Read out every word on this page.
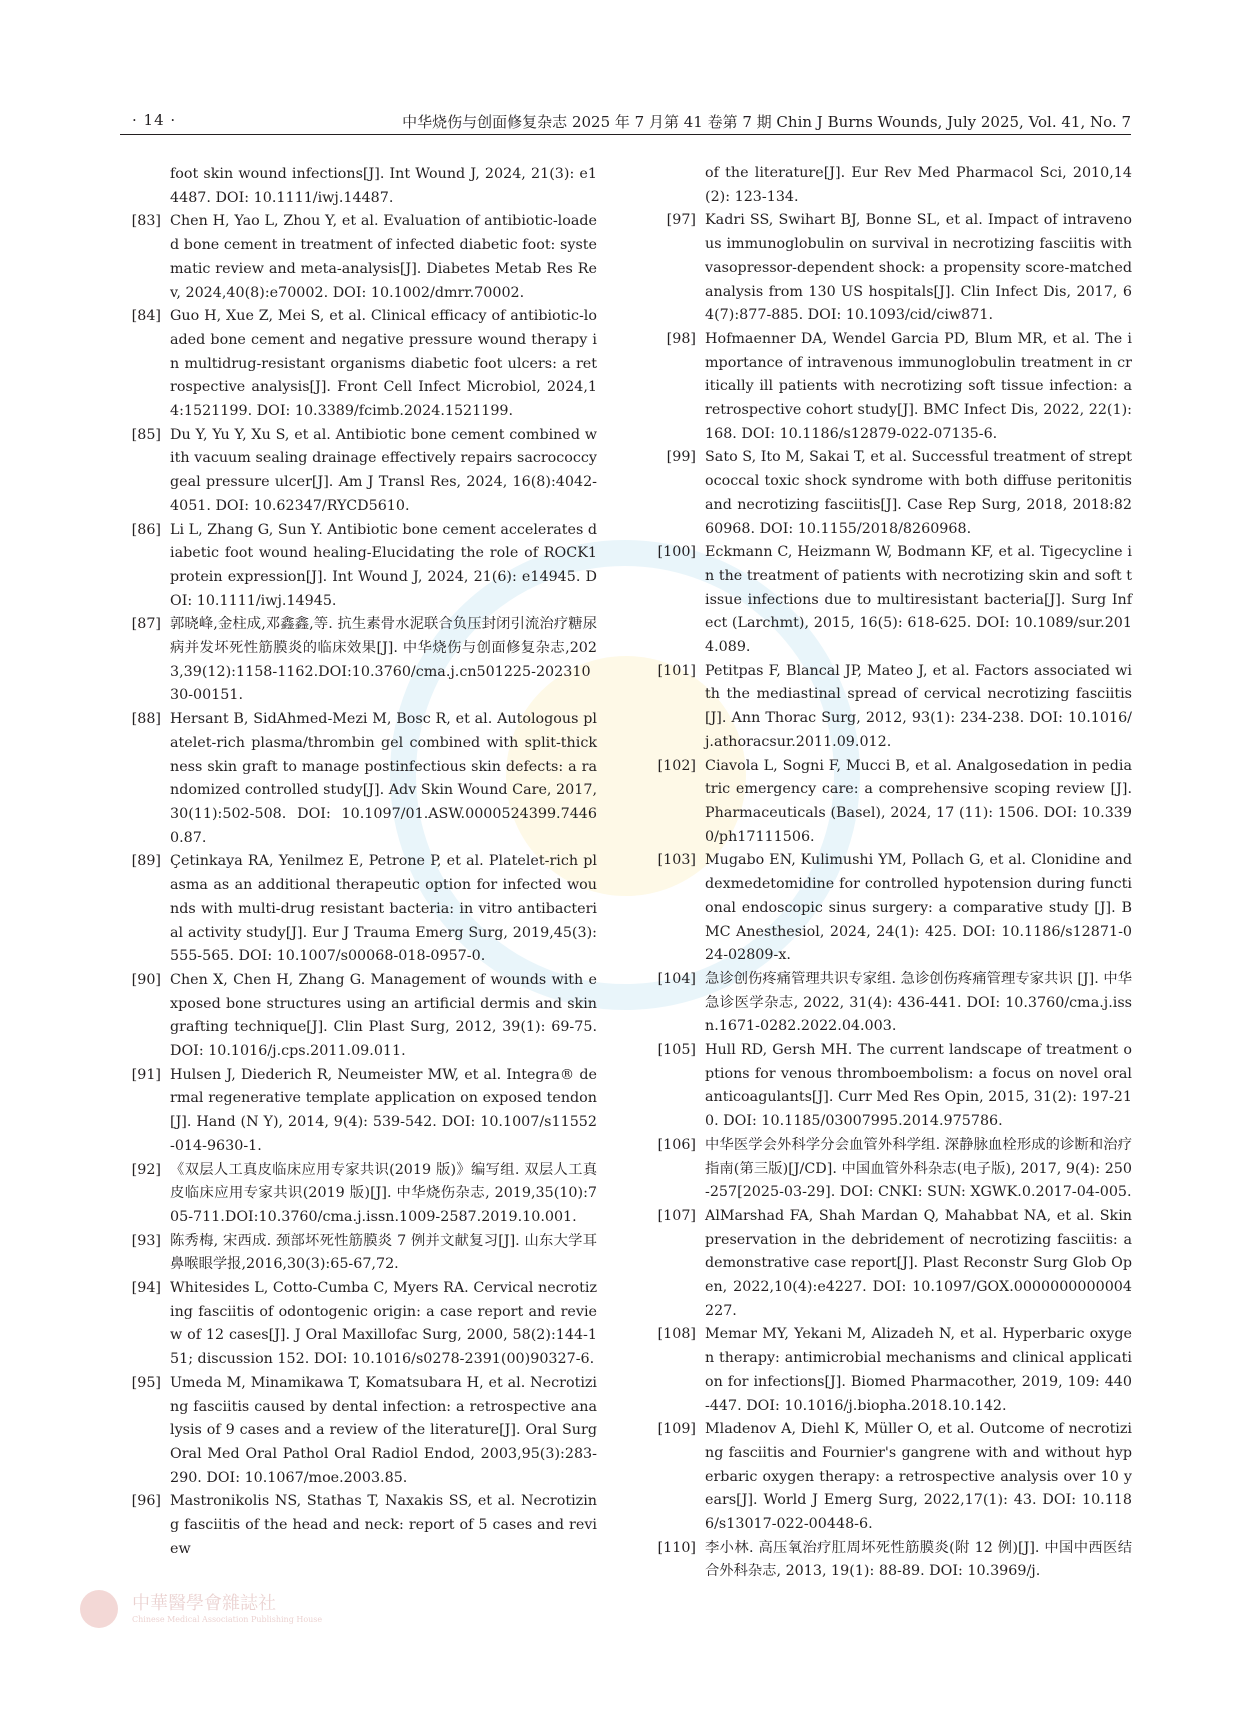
· 14 ·	中华烧伤与创面修复杂志 2025 年 7 月第 41 卷第 7 期 Chin J Burns Wounds, July 2025, Vol. 41, No. 7
foot skin wound infections[J]. Int Wound J, 2024, 21(3): e14487. DOI: 10.1111/iwj.14487.
[83] Chen H, Yao L, Zhou Y, et al. Evaluation of antibiotic-loaded bone cement in treatment of infected diabetic foot: systematic review and meta-analysis[J]. Diabetes Metab Res Rev, 2024,40(8):e70002. DOI: 10.1002/dmrr.70002.
[84] Guo H, Xue Z, Mei S, et al. Clinical efficacy of antibiotic-loaded bone cement and negative pressure wound therapy in multidrug-resistant organisms diabetic foot ulcers: a retrospective analysis[J]. Front Cell Infect Microbiol, 2024,14:1521199. DOI: 10.3389/fcimb.2024.1521199.
[85] Du Y, Yu Y, Xu S, et al. Antibiotic bone cement combined with vacuum sealing drainage effectively repairs sacrococcygeal pressure ulcer[J]. Am J Transl Res, 2024, 16(8):4042-4051. DOI: 10.62347/RYCD5610.
[86] Li L, Zhang G, Sun Y. Antibiotic bone cement accelerates diabetic foot wound healing-Elucidating the role of ROCK1 protein expression[J]. Int Wound J, 2024, 21(6): e14945. DOI: 10.1111/iwj.14945.
[87] 郭晓峰,金柱成,邓鑫鑫,等. 抗生素骨水泥联合负压封闭引流治疗糖尿病并发坏死性筋膜炎的临床效果[J]. 中华烧伤与创面修复杂志,2023,39(12):1158-1162.DOI:10.3760/cma.j.cn501225-20231030-00151.
[88] Hersant B, SidAhmed-Mezi M, Bosc R, et al. Autologous platelet-rich plasma/thrombin gel combined with split-thickness skin graft to manage postinfectious skin defects: a randomized controlled study[J]. Adv Skin Wound Care, 2017,30(11):502-508. DOI: 10.1097/01.ASW.0000524399.74460.87.
[89] Çetinkaya RA, Yenilmez E, Petrone P, et al. Platelet-rich plasma as an additional therapeutic option for infected wounds with multi-drug resistant bacteria: in vitro antibacterial activity study[J]. Eur J Trauma Emerg Surg, 2019,45(3):555-565. DOI: 10.1007/s00068-018-0957-0.
[90] Chen X, Chen H, Zhang G. Management of wounds with exposed bone structures using an artificial dermis and skin grafting technique[J]. Clin Plast Surg, 2012, 39(1): 69-75. DOI: 10.1016/j.cps.2011.09.011.
[91] Hulsen J, Diederich R, Neumeister MW, et al. Integra® dermal regenerative template application on exposed tendon[J]. Hand (N Y), 2014, 9(4): 539-542. DOI: 10.1007/s11552-014-9630-1.
[92] 《双层人工真皮临床应用专家共识(2019 版)》编写组. 双层人工真皮临床应用专家共识(2019 版)[J]. 中华烧伤杂志, 2019,35(10):705-711.DOI:10.3760/cma.j.issn.1009-2587.2019.10.001.
[93] 陈秀梅, 宋西成. 颈部坏死性筋膜炎 7 例并文献复习[J]. 山东大学耳鼻喉眼学报,2016,30(3):65-67,72.
[94] Whitesides L, Cotto-Cumba C, Myers RA. Cervical necrotizing fasciitis of odontogenic origin: a case report and review of 12 cases[J]. J Oral Maxillofac Surg, 2000, 58(2):144-151; discussion 152. DOI: 10.1016/s0278-2391(00)90327-6.
[95] Umeda M, Minamikawa T, Komatsubara H, et al. Necrotizing fasciitis caused by dental infection: a retrospective analysis of 9 cases and a review of the literature[J]. Oral Surg Oral Med Oral Pathol Oral Radiol Endod, 2003,95(3):283-290. DOI: 10.1067/moe.2003.85.
[96] Mastronikolis NS, Stathas T, Naxakis SS, et al. Necrotizing fasciitis of the head and neck: report of 5 cases and review
of the literature[J]. Eur Rev Med Pharmacol Sci, 2010,14(2): 123-134.
[97] Kadri SS, Swihart BJ, Bonne SL, et al. Impact of intravenous immunoglobulin on survival in necrotizing fasciitis with vasopressor-dependent shock: a propensity score-matched analysis from 130 US hospitals[J]. Clin Infect Dis, 2017, 64(7):877-885. DOI: 10.1093/cid/ciw871.
[98] Hofmaenner DA, Wendel Garcia PD, Blum MR, et al. The importance of intravenous immunoglobulin treatment in critically ill patients with necrotizing soft tissue infection: a retrospective cohort study[J]. BMC Infect Dis, 2022, 22(1): 168. DOI: 10.1186/s12879-022-07135-6.
[99] Sato S, Ito M, Sakai T, et al. Successful treatment of streptococcal toxic shock syndrome with both diffuse peritonitis and necrotizing fasciitis[J]. Case Rep Surg, 2018, 2018:8260968. DOI: 10.1155/2018/8260968.
[100] Eckmann C, Heizmann W, Bodmann KF, et al. Tigecycline in the treatment of patients with necrotizing skin and soft tissue infections due to multiresistant bacteria[J]. Surg Infect (Larchmt), 2015, 16(5): 618-625. DOI: 10.1089/sur.2014.089.
[101] Petitpas F, Blancal JP, Mateo J, et al. Factors associated with the mediastinal spread of cervical necrotizing fasciitis[J]. Ann Thorac Surg, 2012, 93(1): 234-238. DOI: 10.1016/j.athoracsur.2011.09.012.
[102] Ciavola L, Sogni F, Mucci B, et al. Analgosedation in pediatric emergency care: a comprehensive scoping review [J]. Pharmaceuticals (Basel), 2024, 17 (11): 1506. DOI: 10.3390/ph17111506.
[103] Mugabo EN, Kulimushi YM, Pollach G, et al. Clonidine and dexmedetomidine for controlled hypotension during functional endoscopic sinus surgery: a comparative study [J]. BMC Anesthesiol, 2024, 24(1): 425. DOI: 10.1186/s12871-024-02809-x.
[104] 急诊创伤疼痛管理共识专家组. 急诊创伤疼痛管理专家共识 [J]. 中华急诊医学杂志, 2022, 31(4): 436-441. DOI: 10.3760/cma.j.issn.1671-0282.2022.04.003.
[105] Hull RD, Gersh MH. The current landscape of treatment options for venous thromboembolism: a focus on novel oral anticoagulants[J]. Curr Med Res Opin, 2015, 31(2): 197-210. DOI: 10.1185/03007995.2014.975786.
[106] 中华医学会外科学分会血管外科学组. 深静脉血栓形成的诊断和治疗指南(第三版)[J/CD]. 中国血管外科杂志(电子版), 2017, 9(4): 250-257[2025-03-29]. DOI: CNKI: SUN: XGWK.0.2017-04-005.
[107] AlMarshad FA, Shah Mardan Q, Mahabbat NA, et al. Skin preservation in the debridement of necrotizing fasciitis: a demonstrative case report[J]. Plast Reconstr Surg Glob Open, 2022,10(4):e4227. DOI: 10.1097/GOX.0000000000004227.
[108] Memar MY, Yekani M, Alizadeh N, et al. Hyperbaric oxygen therapy: antimicrobial mechanisms and clinical application for infections[J]. Biomed Pharmacother, 2019, 109: 440-447. DOI: 10.1016/j.biopha.2018.10.142.
[109] Mladenov A, Diehl K, Müller O, et al. Outcome of necrotizing fasciitis and Fournier's gangrene with and without hyperbaric oxygen therapy: a retrospective analysis over 10 years[J]. World J Emerg Surg, 2022,17(1): 43. DOI: 10.1186/s13017-022-00448-6.
[110] 李小林. 高压氧治疗肛周坏死性筋膜炎(附 12 例)[J]. 中国中西医结合外科杂志, 2013, 19(1): 88-89. DOI: 10.3969/j.
中華醫學會雜誌社
Chinese Medical Association Publishing House
